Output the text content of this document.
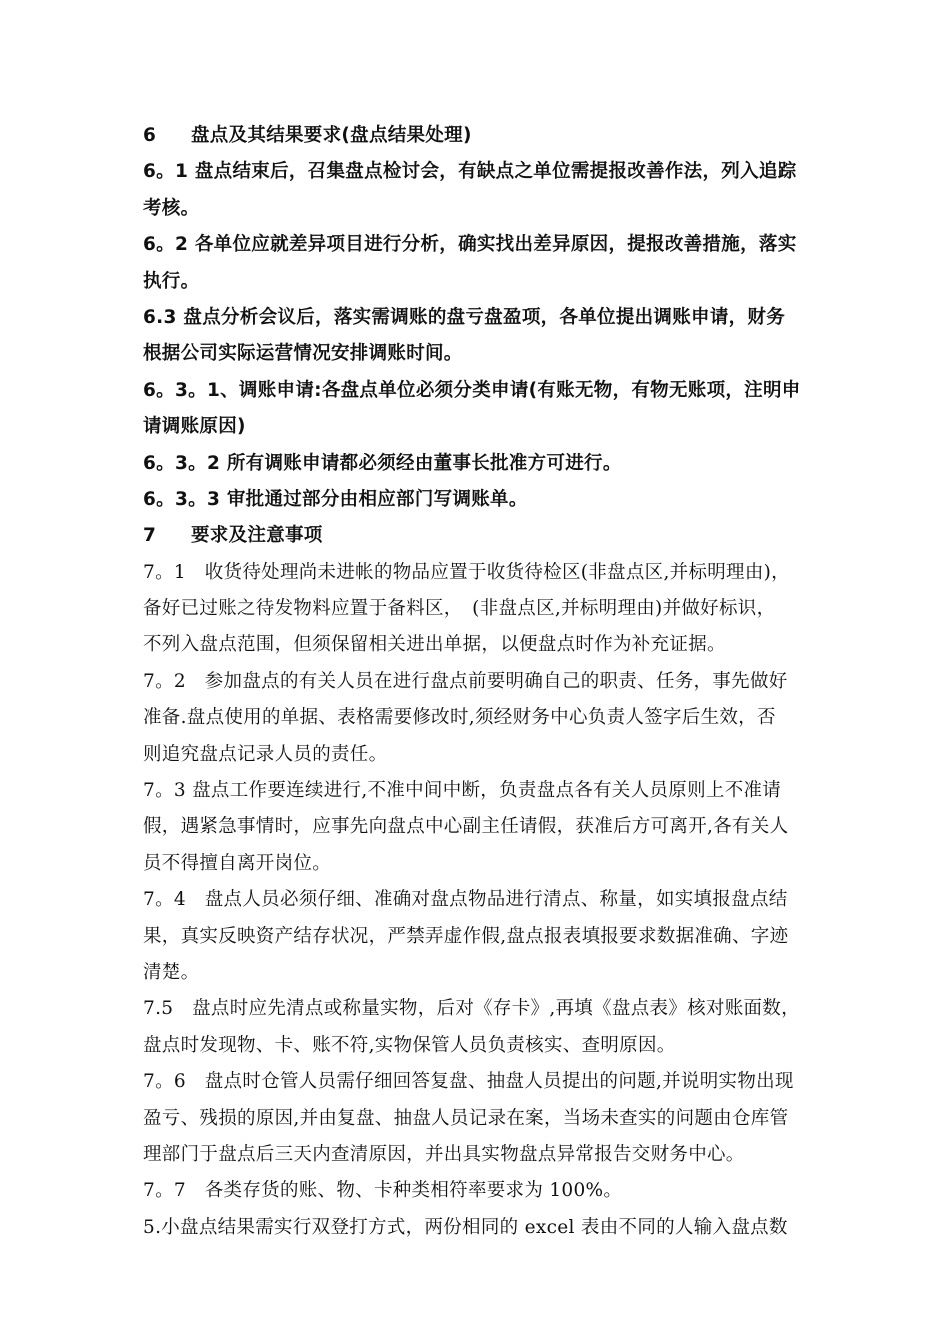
6 盘点及其结果要求(盘点结果处理)
6。1 盘点结束后，召集盘点检讨会，有缺点之单位需提报改善作法，列入追踪
考核。
6。2 各单位应就差异项目进行分析，确实找出差异原因，提报改善措施，落实
执行。
6.3 盘点分析会议后，落实需调账的盘亏盘盈项，各单位提出调账申请，财务
根据公司实际运营情况安排调账时间。
6。3。1、调账申请:各盘点单位必须分类申请(有账无物，有物无账项，注明申
请调账原因)
6。3。2 所有调账申请都必须经由董事长批准方可进行。
6。3。3 审批通过部分由相应部门写调账单。
7 要求及注意事项
7。1　收货待处理尚未进帐的物品应置于收货待检区(非盘点区,并标明理由)，
备好已过账之待发物料应置于备料区，　(非盘点区,并标明理由)并做好标识，
不列入盘点范围，但须保留相关进出单据，以便盘点时作为补充证据。
7。2　参加盘点的有关人员在进行盘点前要明确自己的职责、任务，事先做好
准备.盘点使用的单据、表格需要修改时,须经财务中心负责人签字后生效，否
则追究盘点记录人员的责任。
7。3 盘点工作要连续进行,不准中间中断，负责盘点各有关人员原则上不准请
假，遇紧急事情时，应事先向盘点中心副主任请假，获准后方可离开,各有关人
员不得擅自离开岗位。
7。4　盘点人员必须仔细、准确对盘点物品进行清点、称量，如实填报盘点结
果，真实反映资产结存状况，严禁弄虚作假,盘点报表填报要求数据准确、字迹
清楚。
7.5　盘点时应先清点或称量实物，后对《存卡》,再填《盘点表》核对账面数，
盘点时发现物、卡、账不符,实物保管人员负责核实、查明原因。
7。6　盘点时仓管人员需仔细回答复盘、抽盘人员提出的问题,并说明实物出现
盈亏、残损的原因,并由复盘、抽盘人员记录在案，当场未查实的问题由仓库管
理部门于盘点后三天内查清原因，并出具实物盘点异常报告交财务中心。
7。7　各类存货的账、物、卡种类相符率要求为 100%。
5.小盘点结果需实行双登打方式，两份相同的 excel 表由不同的人输入盘点数
